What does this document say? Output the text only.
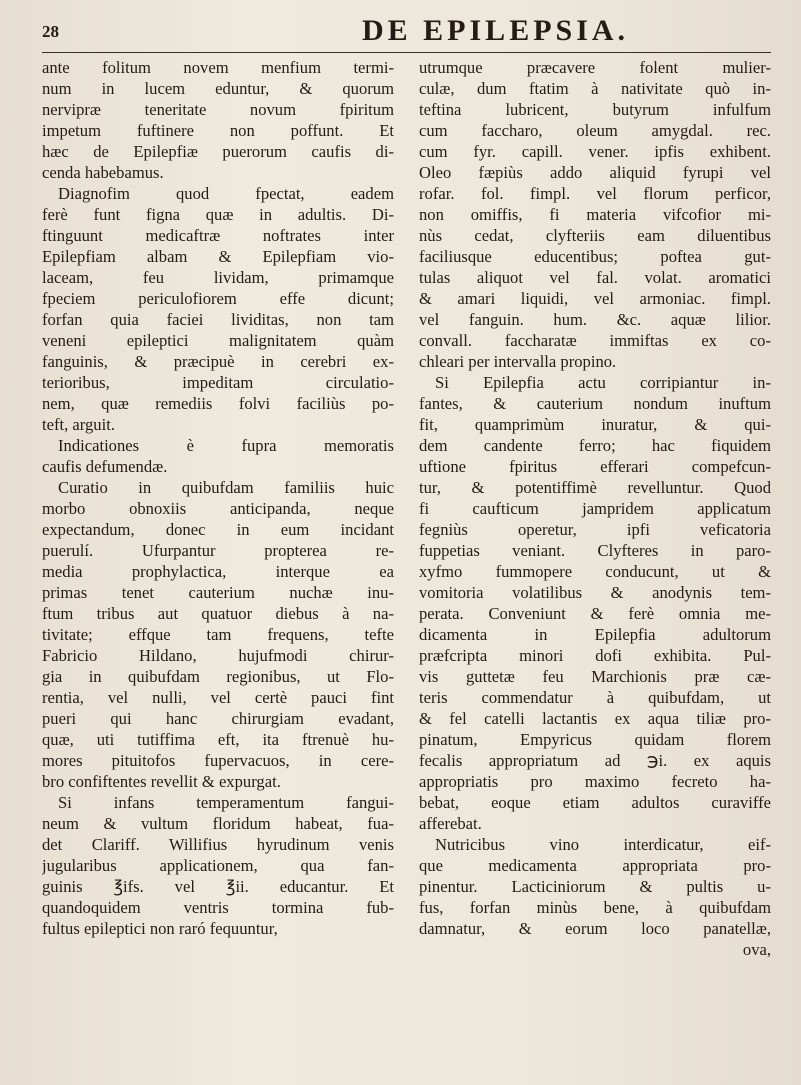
28	DE EPILEPSIA.
ante folitum novem menfium termi-
num in lucem eduntur, & quorum
nervipræ teneritate novum fpiritum
impetum fuftinere non poffunt. Et
hæc de Epilepfiæ puerorum caufis di-
cenda habebamus.
Diagnofim quod fpectat, eadem
ferè funt figna quæ in adultis. Di-
ftinguunt medicaftræ noftrates inter
Epilepfiam albam & Epilepfiam vio-
laceam, feu lividam, primamque
fpeciem periculofiorem effe dicunt;
forfan quia faciei lividitas, non tam
veneni epileptici malignitatem quàm
fanguinis, & præcipuè in cerebri ex-
terioribus, impeditam circulatio-
nem, quæ remediis folvi faciliùs po-
teft, arguit.
Indicationes è fupra memoratis
caufis defumendæ.
Curatio in quibufdam familiis huic
morbo obnoxiis anticipanda, neque
expectandum, donec in eum incidant
puerulí. Ufurpantur propterea re-
media prophylactica, interque ea
primas tenet cauterium nuchæ inu-
ftum tribus aut quatuor diebus à na-
tivitate; effque tam frequens, tefte
Fabricio Hildano, hujufmodi chirur-
gia in quibufdam regionibus, ut Flo-
rentia, vel nulli, vel certè pauci fint
pueri qui hanc chirurgiam evadant,
quæ, uti tutiffima eft, ita ftrenuè hu-
mores pituitofos fupervacuos, in cere-
bro confiftentes revellit & expurgat.
Si infans temperamentum fangui-
neum & vultum floridum habeat, fua-
det Clariff. Willifius hyrudinum venis
jugularibus applicationem, qua fan-
guinis ℥ifs. vel ℥ii. educantur. Et
quandoquidem ventris tormina fub-
fultus epileptici non raró fequuntur,
utrumque præcavere folent mulier-
culæ, dum ftatim à nativitate quò in-
teftina lubricent, butyrum infulfum
cum faccharo, oleum amygdal. rec.
cum fyr. capill. vener. ipfis exhibent.
Oleo fæpiùs addo aliquid fyrupi vel
rofar. fol. fimpl. vel florum perficor,
non omiffis, fi materia vifcofior mi-
nùs cedat, clyfteriis eam diluentibus
faciliusque educentibus; poftea gut-
tulas aliquot vel fal. volat. aromatici
& amari liquidi, vel armoniac. fimpl.
vel fanguin. hum. &c. aquæ lilior.
convall. faccharatæ immiftas ex co-
chleari per intervalla propino.
Si Epilepfia actu corripiantur in-
fantes, & cauterium nondum inuftum
fit, quamprimùm inuratur, & qui-
dem candente ferro; hac fiquidem
uftione fpiritus efferari compefcun-
tur, & potentiffimè revelluntur. Quod
fi caufticum jampridem applicatum
fegniùs operetur, ipfi veficatoria
fuppetias veniant. Clyfteres in paro-
xyfmo fummopere conducunt, ut &
vomitoria volatilibus & anodynis tem-
perata. Conveniunt & ferè omnia me-
dicamenta in Epilepfia adultorum
præfcripta minori dofi exhibita. Pul-
vis guttetæ feu Marchionis præ cæ-
teris commendatur à quibufdam, ut
& fel catelli lactantis ex aqua tiliæ pro-
pinatum, Empyricus quidam florem
fecalis appropriatum ad ℈i. ex aquis
appropriatis pro maximo fecreto ha-
bebat, eoque etiam adultos curaviffe
afferebat.
Nutricibus vino interdicatur, eif-
que medicamenta appropriata pro-
pinentur. Lacticiniorum & pultis u-
fus, forfan minùs bene, à quibufdam
damnatur, & eorum loco panatellæ,
ova,
